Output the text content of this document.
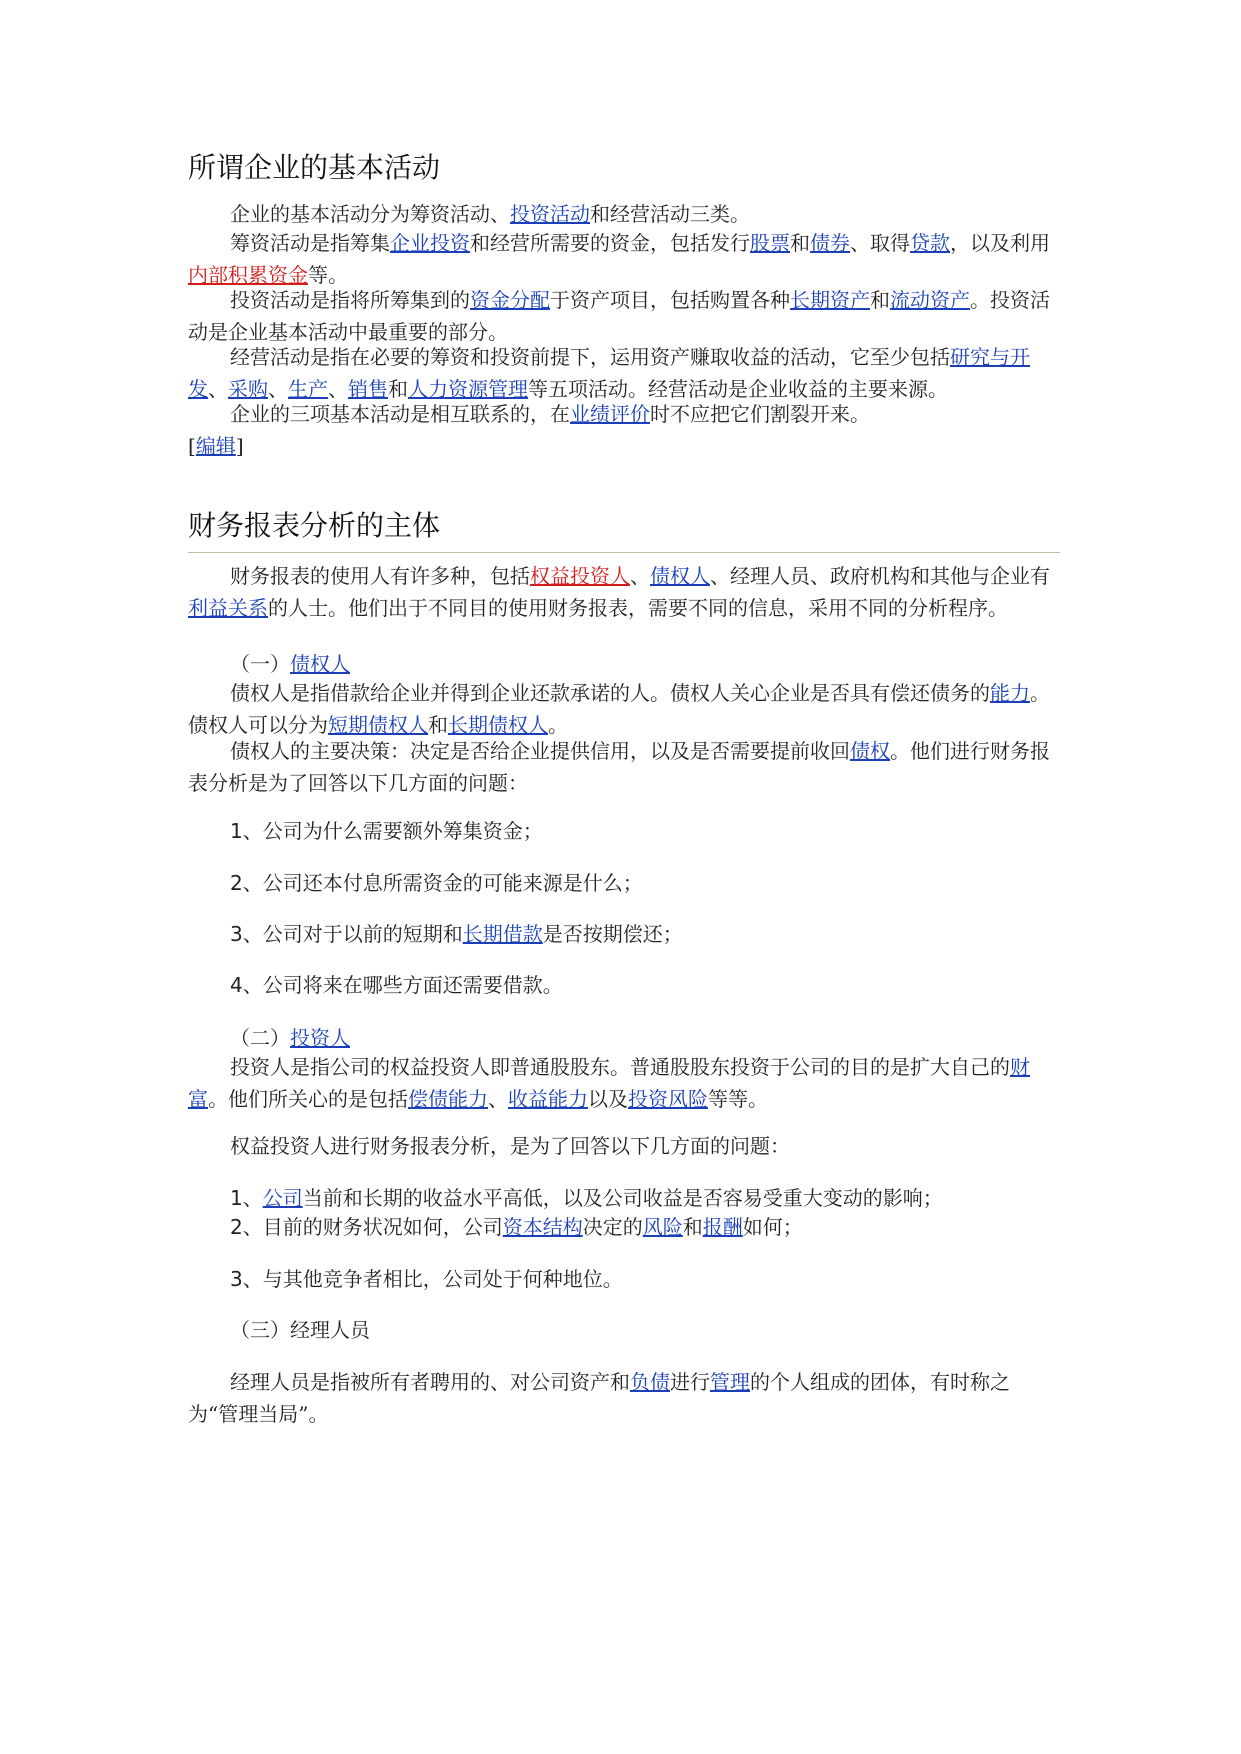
所谓企业的基本活动
企业的基本活动分为筹资活动、投资活动和经营活动三类。
筹资活动是指筹集企业投资和经营所需要的资金，包括发行股票和债券、取得贷款，以及利用内部积累资金等。
投资活动是指将所筹集到的资金分配于资产项目，包括购置各种长期资产和流动资产。投资活动是企业基本活动中最重要的部分。
经营活动是指在必要的筹资和投资前提下，运用资产赚取收益的活动，它至少包括研究与开发、采购、生产、销售和人力资源管理等五项活动。经营活动是企业收益的主要来源。
企业的三项基本活动是相互联系的，在业绩评价时不应把它们割裂开来。
[编辑]
财务报表分析的主体
财务报表的使用人有许多种，包括权益投资人、债权人、经理人员、政府机构和其他与企业有利益关系的人士。他们出于不同目的使用财务报表，需要不同的信息，采用不同的分析程序。
（一）债权人
债权人是指借款给企业并得到企业还款承诺的人。债权人关心企业是否具有偿还债务的能力。债权人可以分为短期债权人和长期债权人。
债权人的主要决策：决定是否给企业提供信用，以及是否需要提前收回债权。他们进行财务报表分析是为了回答以下几方面的问题：
1、公司为什么需要额外筹集资金；
2、公司还本付息所需资金的可能来源是什么；
3、公司对于以前的短期和长期借款是否按期偿还；
4、公司将来在哪些方面还需要借款。
（二）投资人
投资人是指公司的权益投资人即普通股股东。普通股股东投资于公司的目的是扩大自己的财富。他们所关心的是包括偿债能力、收益能力以及投资风险等等。
权益投资人进行财务报表分析，是为了回答以下几方面的问题：
1、公司当前和长期的收益水平高低，以及公司收益是否容易受重大变动的影响；
2、目前的财务状况如何，公司资本结构决定的风险和报酬如何；
3、与其他竞争者相比，公司处于何种地位。
（三）经理人员
经理人员是指被所有者聘用的、对公司资产和负债进行管理的个人组成的团体，有时称之为“管理当局”。
